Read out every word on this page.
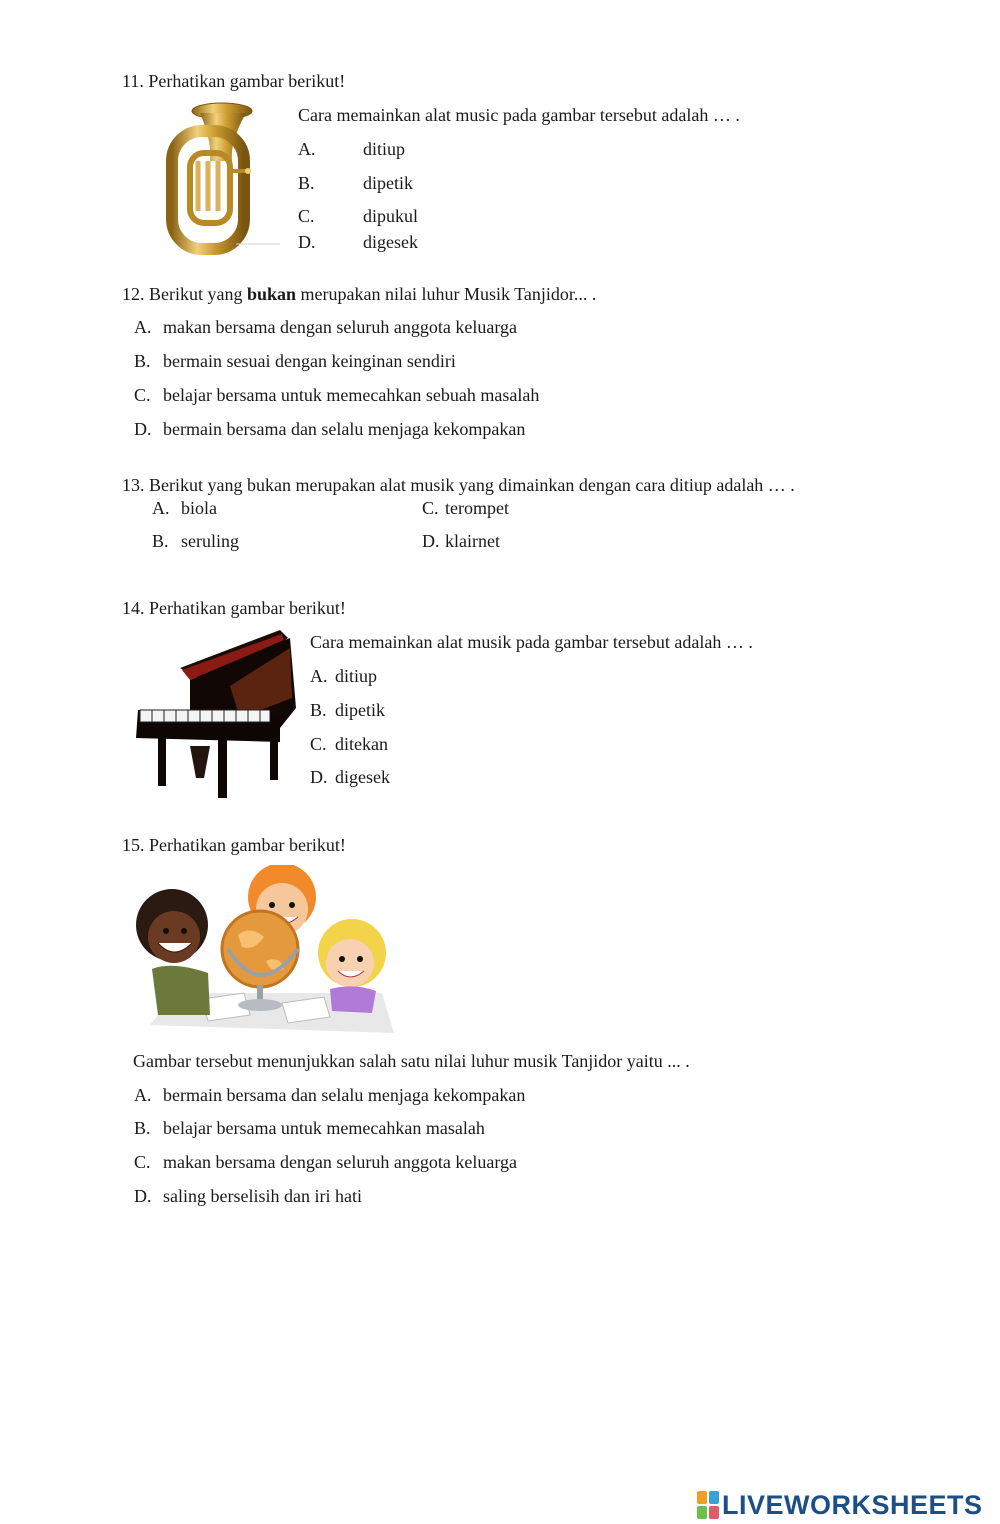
11. Perhatikan gambar berikut!
Cara memainkan alat music pada gambar tersebut adalah … .
A.	ditiup
B.	dipetik
C.	dipukul
D.	digesek
12. Berikut yang bukan merupakan nilai luhur Musik Tanjidor... .
A. makan bersama dengan seluruh anggota keluarga
B. bermain sesuai dengan keinginan sendiri
C. belajar bersama untuk memecahkan sebuah masalah
D. bermain bersama dan selalu menjaga kekompakan
13. Berikut yang bukan merupakan alat musik yang dimainkan dengan cara ditiup adalah … .
A. biola	C. terompet
B. seruling	D. klairnet
14. Perhatikan gambar berikut!
Cara memainkan alat musik pada gambar tersebut adalah … .
A. ditiup
B. dipetik
C. ditekan
D. digesek
15. Perhatikan gambar berikut!
Gambar tersebut menunjukkan salah satu nilai luhur musik Tanjidor yaitu ... .
A. bermain bersama dan selalu menjaga kekompakan
B. belajar bersama untuk memecahkan masalah
C. makan bersama dengan seluruh anggota keluarga
D. saling berselisih dan iri hati
LIVEWORKSHEETS
